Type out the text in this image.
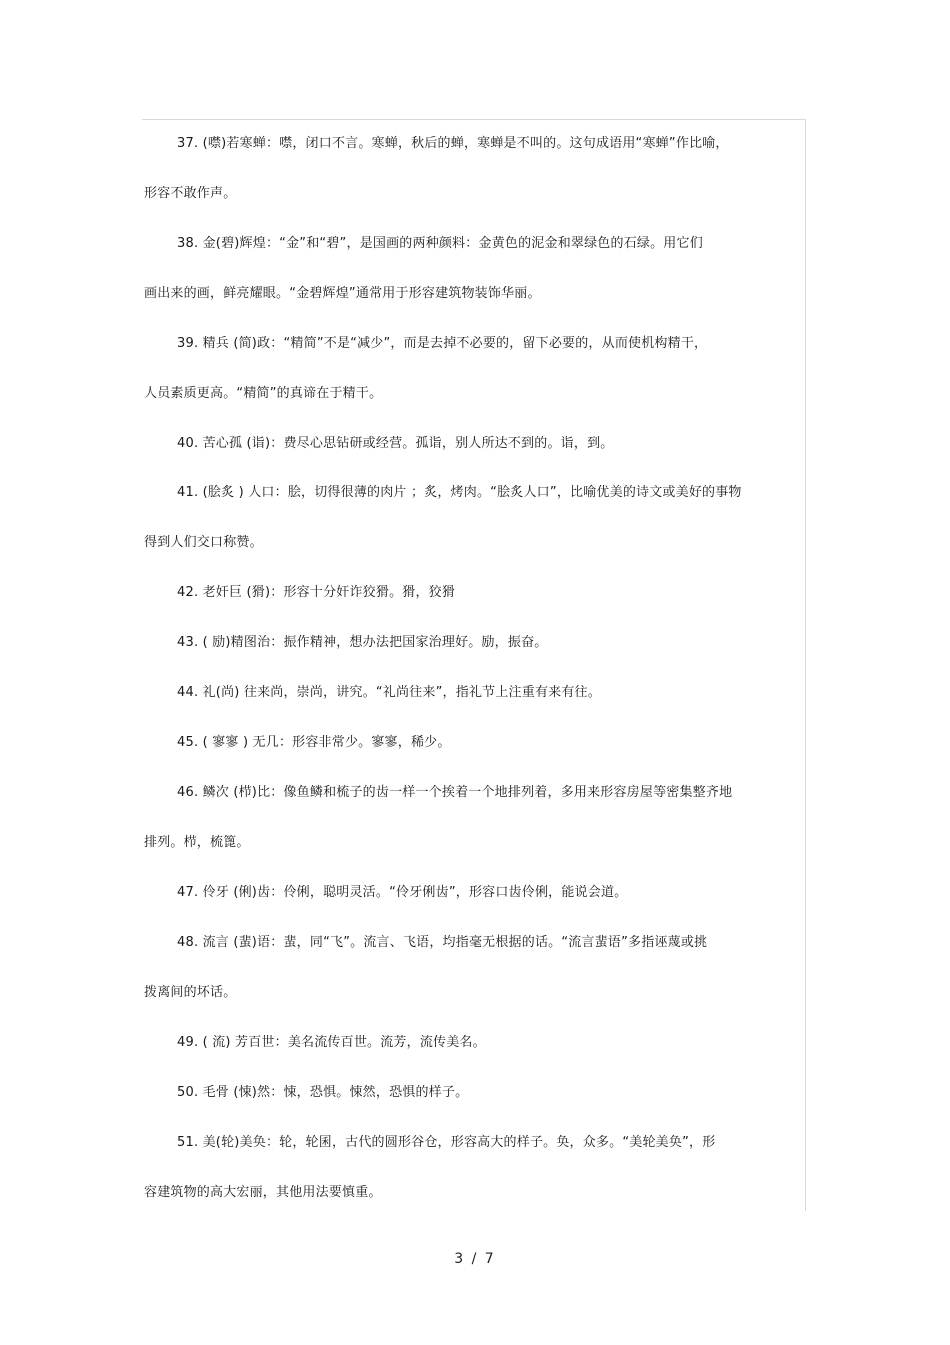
37. (噤)若寒蝉：噤，闭口不言。寒蝉，秋后的蝉，寒蝉是不叫的。这句成语用“寒蝉”作比喻，
形容不敢作声。
38. 金(碧)辉煌：“金”和“碧”，是国画的两种颜料：金黄色的泥金和翠绿色的石绿。用它们
画出来的画，鲜亮耀眼。“金碧辉煌”通常用于形容建筑物装饰华丽。
39. 精兵 (简)政：“精简”不是“减少”，而是去掉不必要的，留下必要的，从而使机构精干，
人员素质更高。“精简”的真谛在于精干。
40. 苦心孤 (诣)：费尽心思钻研或经营。孤诣，别人所达不到的。诣，到。
41. (脍炙 ) 人口：脍，切得很薄的肉片 ；炙，烤肉。“脍炙人口”，比喻优美的诗文或美好的事物
得到人们交口称赞。
42. 老奸巨 (猾)：形容十分奸诈狡猾。猾，狡猾
43. ( 励)精图治：振作精神，想办法把国家治理好。励，振奋。
44. 礼(尚) 往来尚，崇尚，讲究。“礼尚往来”，指礼节上注重有来有往。
45. ( 寥寥 ) 无几：形容非常少。寥寥，稀少。
46. 鳞次 (栉)比：像鱼鳞和梳子的齿一样一个挨着一个地排列着，多用来形容房屋等密集整齐地
排列。栉，梳篦。
47. 伶牙 (俐)齿：伶俐，聪明灵活。“伶牙俐齿”，形容口齿伶俐，能说会道。
48. 流言 (蜚)语：蜚，同“飞”。流言、飞语，均指毫无根据的话。“流言蜚语”多指诬蔑或挑
拨离间的坏话。
49. ( 流) 芳百世：美名流传百世。流芳，流传美名。
50. 毛骨 (悚)然：悚，恐惧。悚然，恐惧的样子。
51. 美(轮)美奂：轮，轮囷，古代的圆形谷仓，形容高大的样子。奂，众多。“美轮美奂”，形
容建筑物的高大宏丽，其他用法要慎重。
3 / 7
